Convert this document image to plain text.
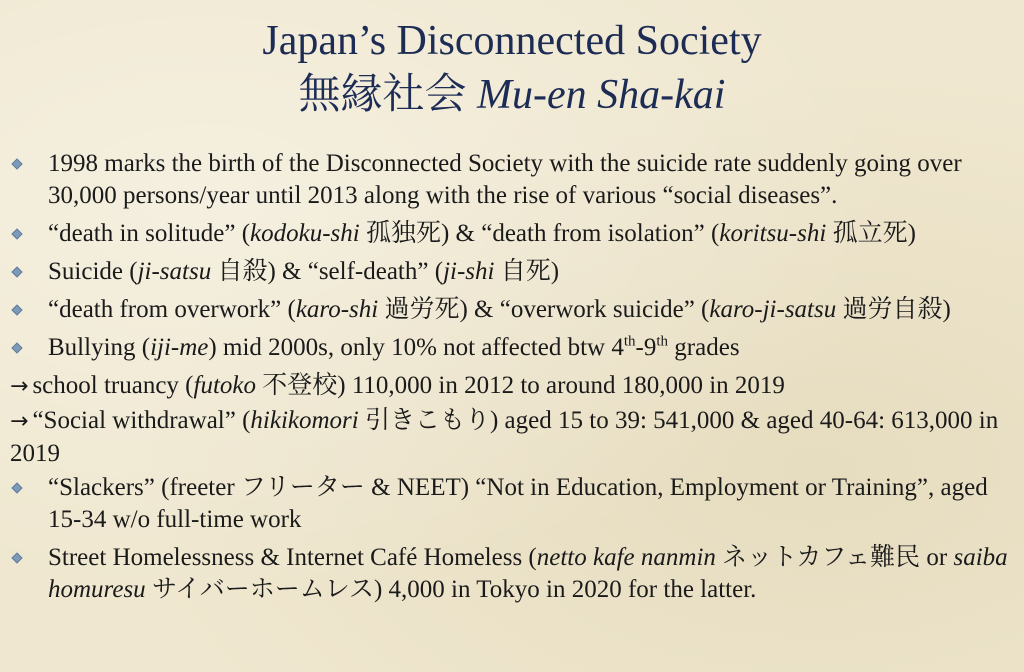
Japan’s Disconnected Society
無縁社会 Mu-en Sha-kai
1998 marks the birth of the Disconnected Society with the suicide rate suddenly going over 30,000 persons/year until 2013 along with the rise of various “social diseases”.
“death in solitude” (kodoku-shi 孤独死) & “death from isolation” (koritsu-shi 孤立死)
Suicide (ji-satsu 自殺) & “self-death” (ji-shi 自死)
“death from overwork” (karo-shi 過労死) & “overwork suicide” (karo-ji-satsu 過労自殺)
Bullying (iji-me) mid 2000s, only 10% not affected btw 4th-9th grades
→ school truancy (futoko 不登校) 110,000 in 2012 to around 180,000 in 2019
→ “Social withdrawal” (hikikomori 引きこもり) aged 15 to 39: 541,000 & aged 40-64: 613,000 in 2019
“Slackers” (freeter フリーター & NEET) “Not in Education, Employment or Training”, aged 15-34 w/o full-time work
Street Homelessness & Internet Café Homeless (netto kafe nanmin ネットカフェ難民 or saiba homuresu サイバーホームレス) 4,000 in Tokyo in 2020 for the latter.
